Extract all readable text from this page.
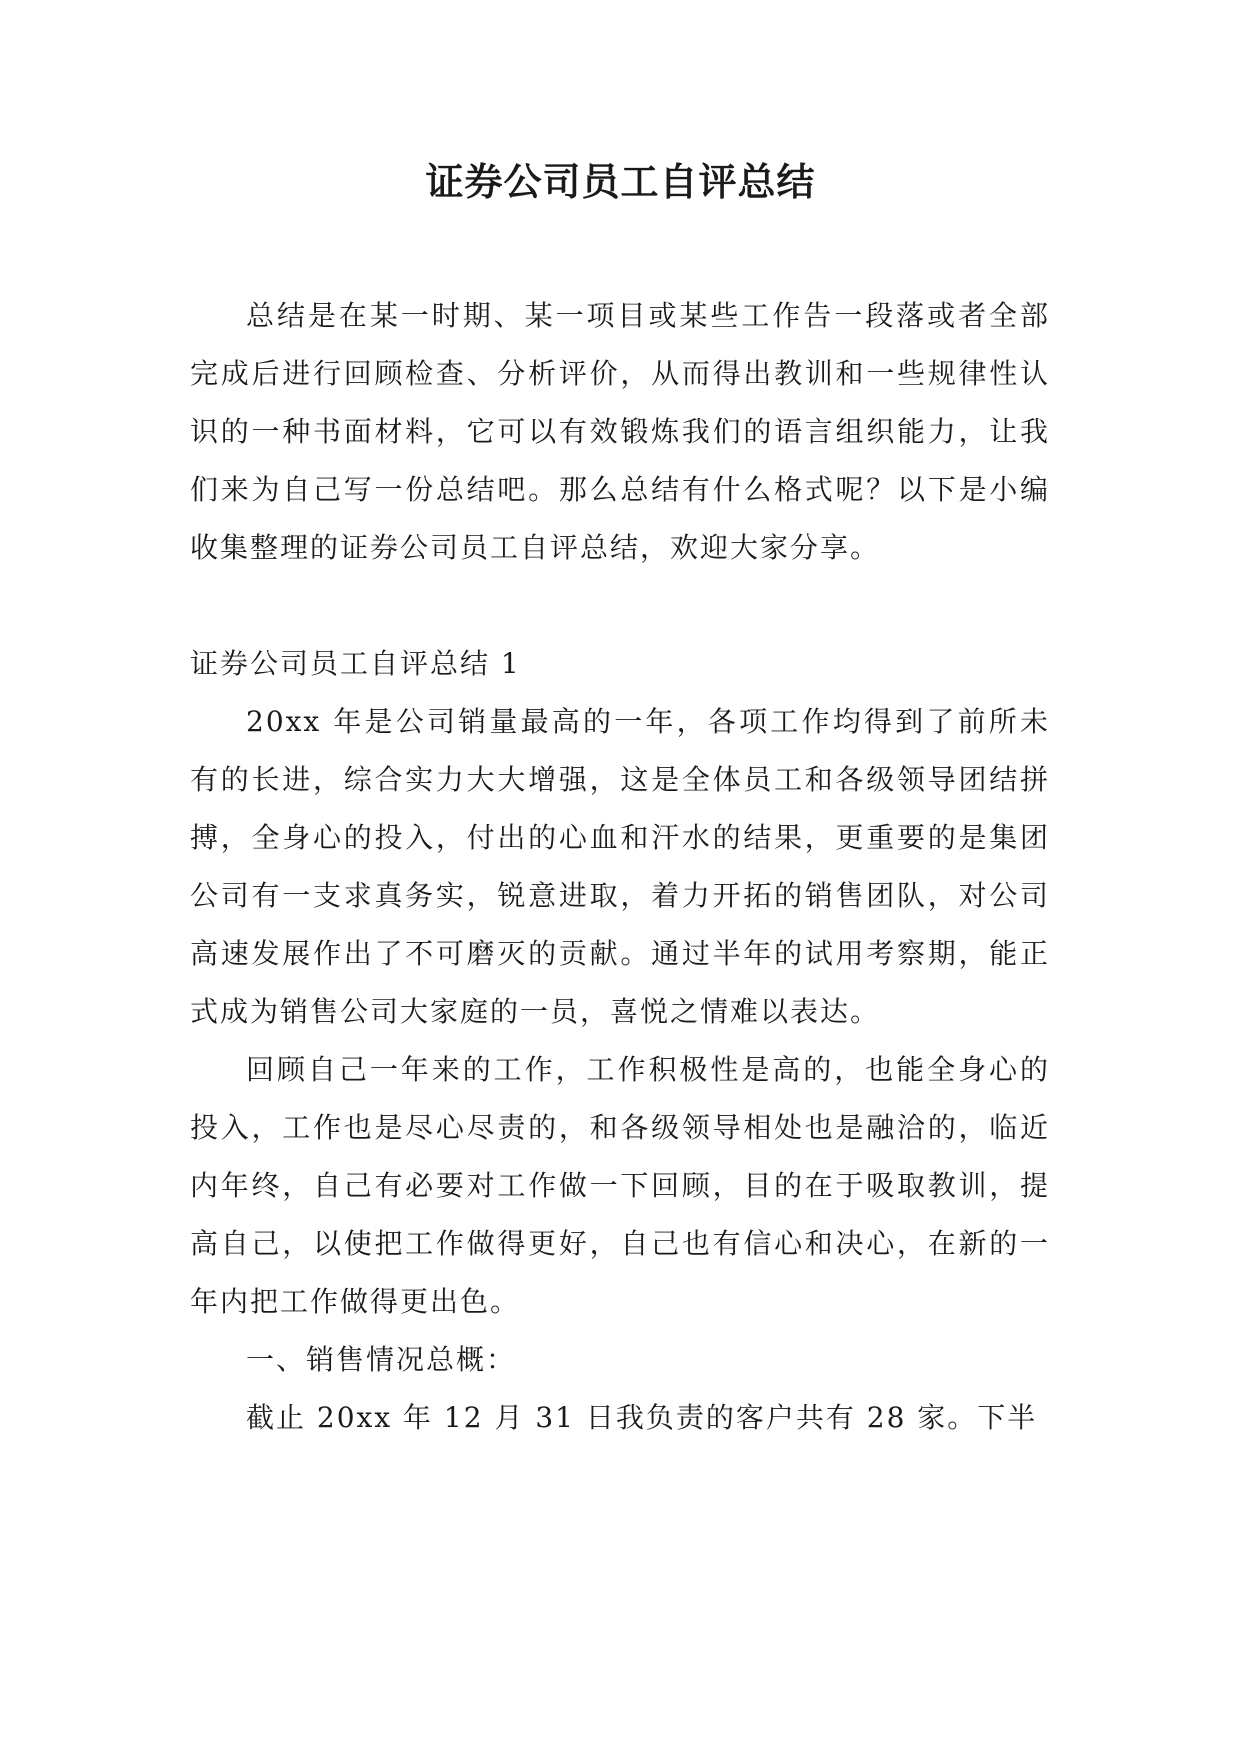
证券公司员工自评总结

总结是在某一时期、某一项目或某些工作告一段落或者全部完成后进行回顾检查、分析评价，从而得出教训和一些规律性认识的一种书面材料，它可以有效锻炼我们的语言组织能力，让我们来为自己写一份总结吧。那么总结有什么格式呢？以下是小编收集整理的证券公司员工自评总结，欢迎大家分享。

证券公司员工自评总结 1

20xx 年是公司销量最高的一年，各项工作均得到了前所未有的长进，综合实力大大增强，这是全体员工和各级领导团结拼搏，全身心的投入，付出的心血和汗水的结果，更重要的是集团公司有一支求真务实，锐意进取，着力开拓的销售团队，对公司高速发展作出了不可磨灭的贡献。通过半年的试用考察期，能正式成为销售公司大家庭的一员，喜悦之情难以表达。

回顾自己一年来的工作，工作积极性是高的，也能全身心的投入，工作也是尽心尽责的，和各级领导相处也是融洽的，临近内年终，自己有必要对工作做一下回顾，目的在于吸取教训，提高自己，以使把工作做得更好，自己也有信心和决心，在新的一年内把工作做得更出色。

一、销售情况总概：

截止 20xx 年 12 月 31 日我负责的客户共有 28 家。下半
